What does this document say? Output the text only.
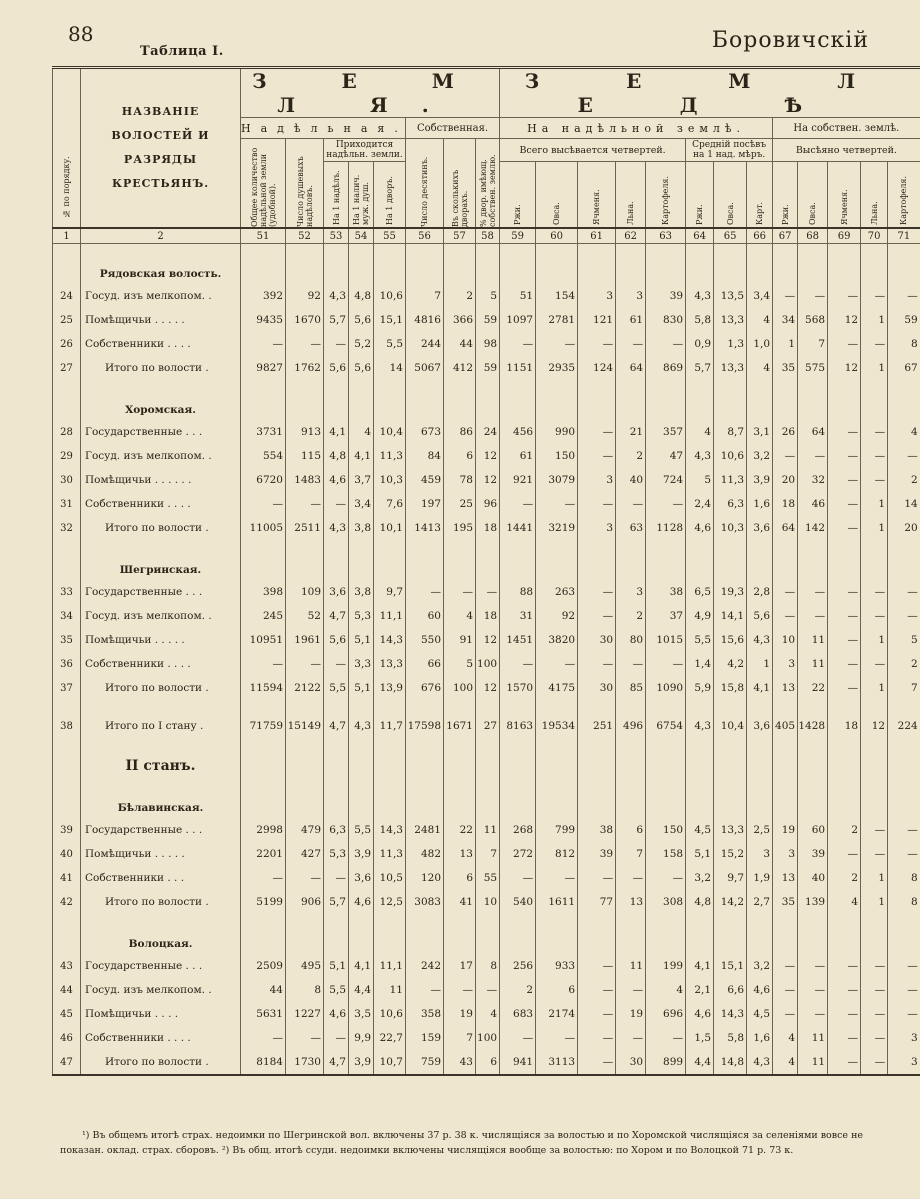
88
Таблица I.	Боровичскій
№ по порядку.	НАЗВАНІЕ ВОЛОСТЕЙ И РАЗРЯДЫ КРЕСТЬЯНЪ.	З Е М Л Я.								З Е М Л Е Д Ѣ												
		Надѣльная.					Собственная.			На надѣльной землѣ.								На собствен. землѣ.				

		Общее количество надѣльной земли (удобной).	Число душевыхъ надѣловъ.	Приходится надѣльн. земли.			Число десятинъ.	Въ сколькихъ дворахъ.	% двор. имѣющ. собствен. землю.	Всего высѣвается четвертей.					Средній посѣвъ на 1 над. мѣръ.			Высѣяно четвертей.				

				На 1 надѣлъ.	На 1 налич. муж. душ.	На 1 дворъ.				Ржи.	Овса.	Ячменя.	Льна.	Картофеля.	Ржи.	Овса.	Карт.	Ржи.	Овса.	Ячменя.	Льна.	Картофеля.

1	2	51	52	53	54	55	56	57	58	59	60	61	62	63	64	65	66	67	68	69	70	71
	Рядовская волость.																					
24	Госуд. изъ мелкопом. .	392	92	4,3	4,8	10,6	7	2	5	51	154	3	3	39	4,3	13,5	3,4	—	—	—	—	—
25	Помѣщичьи . . . . .	9435	1670	5,7	5,6	15,1	4816	366	59	1097	2781	121	61	830	5,8	13,3	4	34	568	12	1	59
26	Собственники . . . .	—	—	—	5,2	5,5	244	44	98	—	—	—	—	—	0,9	1,3	1,0	1	7	—	—	8
27	Итого по волости .	9827	1762	5,6	5,6	14	5067	412	59	1151	2935	124	64	869	5,7	13,3	4	35	575	12	1	67
	Хоромская.																					
28	Государственные . . .	3731	913	4,1	4	10,4	673	86	24	456	990	—	21	357	4	8,7	3,1	26	64	—	—	4
29	Госуд. изъ мелкопом. .	554	115	4,8	4,1	11,3	84	6	12	61	150	—	2	47	4,3	10,6	3,2	—	—	—	—	—
30	Помѣщичьи . . . . . .	6720	1483	4,6	3,7	10,3	459	78	12	921	3079	3	40	724	5	11,3	3,9	20	32	—	—	2
31	Собственники . . . .	—	—	—	3,4	7,6	197	25	96	—	—	—	—	—	2,4	6,3	1,6	18	46	—	1	14
32	Итого по волости .	11005	2511	4,3	3,8	10,1	1413	195	18	1441	3219	3	63	1128	4,6	10,3	3,6	64	142	—	1	20
	Шегринская.																					
33	Государственные . . .	398	109	3,6	3,8	9,7	—	—	—	88	263	—	3	38	6,5	19,3	2,8	—	—	—	—	—
34	Госуд. изъ мелкопом. .	245	52	4,7	5,3	11,1	60	4	18	31	92	—	2	37	4,9	14,1	5,6	—	—	—	—	—
35	Помѣщичьи . . . . .	10951	1961	5,6	5,1	14,3	550	91	12	1451	3820	30	80	1015	5,5	15,6	4,3	10	11	—	1	5
36	Собственники . . . .	—	—	—	3,3	13,3	66	5	100	—	—	—	—	—	1,4	4,2	1	3	11	—	—	2
37	Итого по волости .	11594	2122	5,5	5,1	13,9	676	100	12	1570	4175	30	85	1090	5,9	15,8	4,1	13	22	—	1	7

38	Итого по I стану .	71759	15149	4,7	4,3	11,7	17598	1671	27	8163	19534	251	496	6754	4,3	10,4	3,6	405	1428	18	12	224
	II станъ.																					
	Бѣлавинская.																					
39	Государственные . . .	2998	479	6,3	5,5	14,3	2481	22	11	268	799	38	6	150	4,5	13,3	2,5	19	60	2	—	—
40	Помѣщичьи . . . . .	2201	427	5,3	3,9	11,3	482	13	7	272	812	39	7	158	5,1	15,2	3	3	39	—	—	—
41	Собственники . . .	—	—	—	3,6	10,5	120	6	55	—	—	—	—	—	3,2	9,7	1,9	13	40	2	1	8
42	Итого по волости .	5199	906	5,7	4,6	12,5	3083	41	10	540	1611	77	13	308	4,8	14,2	2,7	35	139	4	1	8
	Волоцкая.																					
43	Государственные . . .	2509	495	5,1	4,1	11,1	242	17	8	256	933	—	11	199	4,1	15,1	3,2	—	—	—	—	—
44	Госуд. изъ мелкопом. .	44	8	5,5	4,4	11	—	—	—	2	6	—	—	4	2,1	6,6	4,6	—	—	—	—	—
45	Помѣщичьи . . . .	5631	1227	4,6	3,5	10,6	358	19	4	683	2174	—	19	696	4,6	14,3	4,5	—	—	—	—	—
46	Собственники . . . .	—	—	—	9,9	22,7	159	7	100	—	—	—	—	—	1,5	5,8	1,6	4	11	—	—	3
47	Итого по волости .	8184	1730	4,7	3,9	10,7	759	43	6	941	3113	—	30	899	4,4	14,8	4,3	4	11	—	—	3
¹) Въ общемъ итогѣ страх. недоимки по Шегринской вол. включены 37 р. 38 к. числящіяся за волостью и по Хоромской числящіяся за селеніями вовсе не показан. оклад. страх. сборовъ. ²) Въ общ. итогѣ ссуди. недоимки включены числящіяся вообще за волостью: по Хором и по Волоцкой 71 р. 73 к.
